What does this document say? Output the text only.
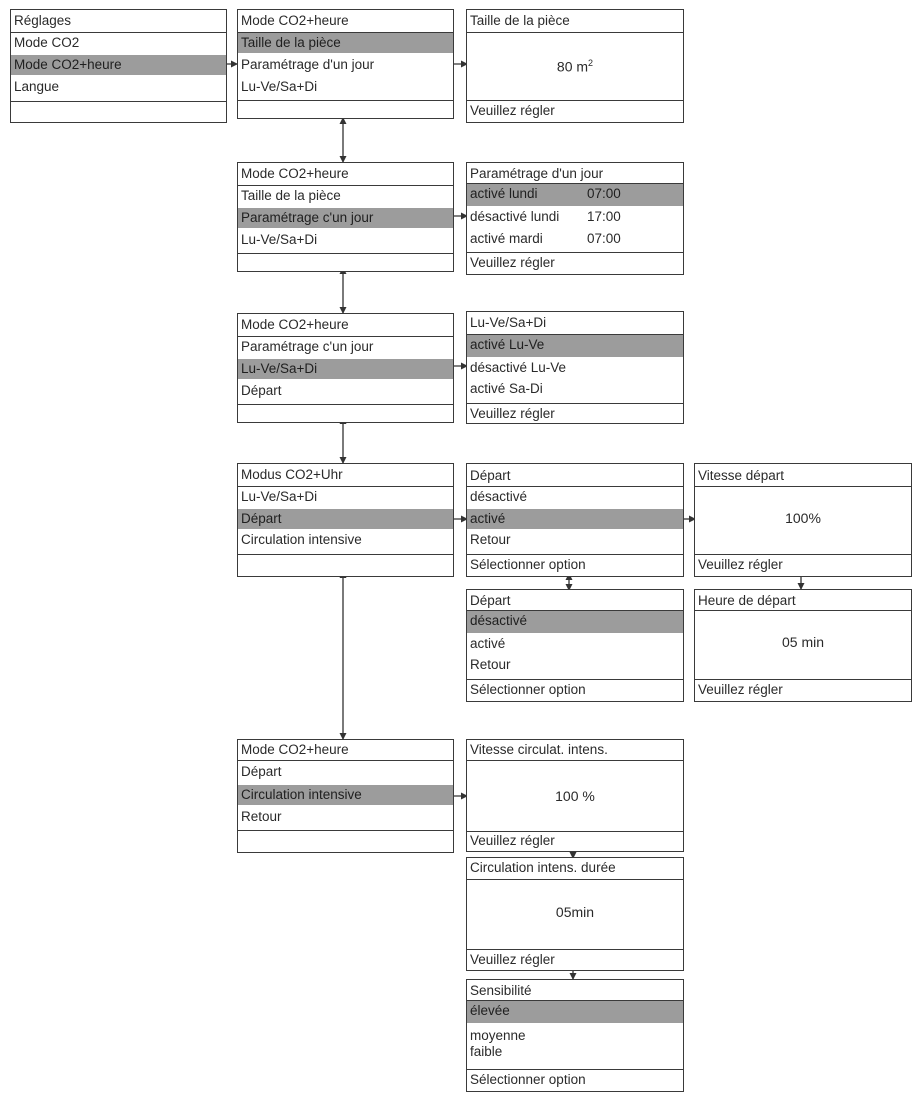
Réglages
Mode CO2
Mode CO2+heure
Langue
Mode CO2+heure
Taille de la pièce
Paramétrage d'un jour
Lu-Ve/Sa+Di
Taille de la pièce
80 $m^2$
Veuillez régler
Mode CO2+heure
Taille de la pièce
Paramétrage c'un jour
Lu-Ve/Sa+Di
Paramétrage d'un jour
activé lundi	07:00
désactivé lundi 17:00
activé mardi	07:00
Veuillez régler
Mode CO2+heure
Paramétrage c'un jour
Lu-Ve/Sa+Di
Départ
Lu-Ve/Sa+Di
activé Lu-Ve
désactivé Lu-Ve
activé Sa-Di
Veuillez régler
Modus CO2+Uhr
Lu-Ve/Sa+Di
Départ
Circulation intensive
Départ
désactivé
activé
Retour
Sélectionner option
Vitesse départ
100%
Veuillez régler
Départ
désactivé
activé
Retour
Sélectionner option
Heure de départ
05 min
Veuillez régler
Mode CO2+heure
Départ
Circulation intensive
Retour
Vitesse circulat. intens.
100 %
Veuillez régler
Circulation intens. durée
05min
Veuillez régler
Sensibilité
élevée
moyenne
faible
Sélectionner option
